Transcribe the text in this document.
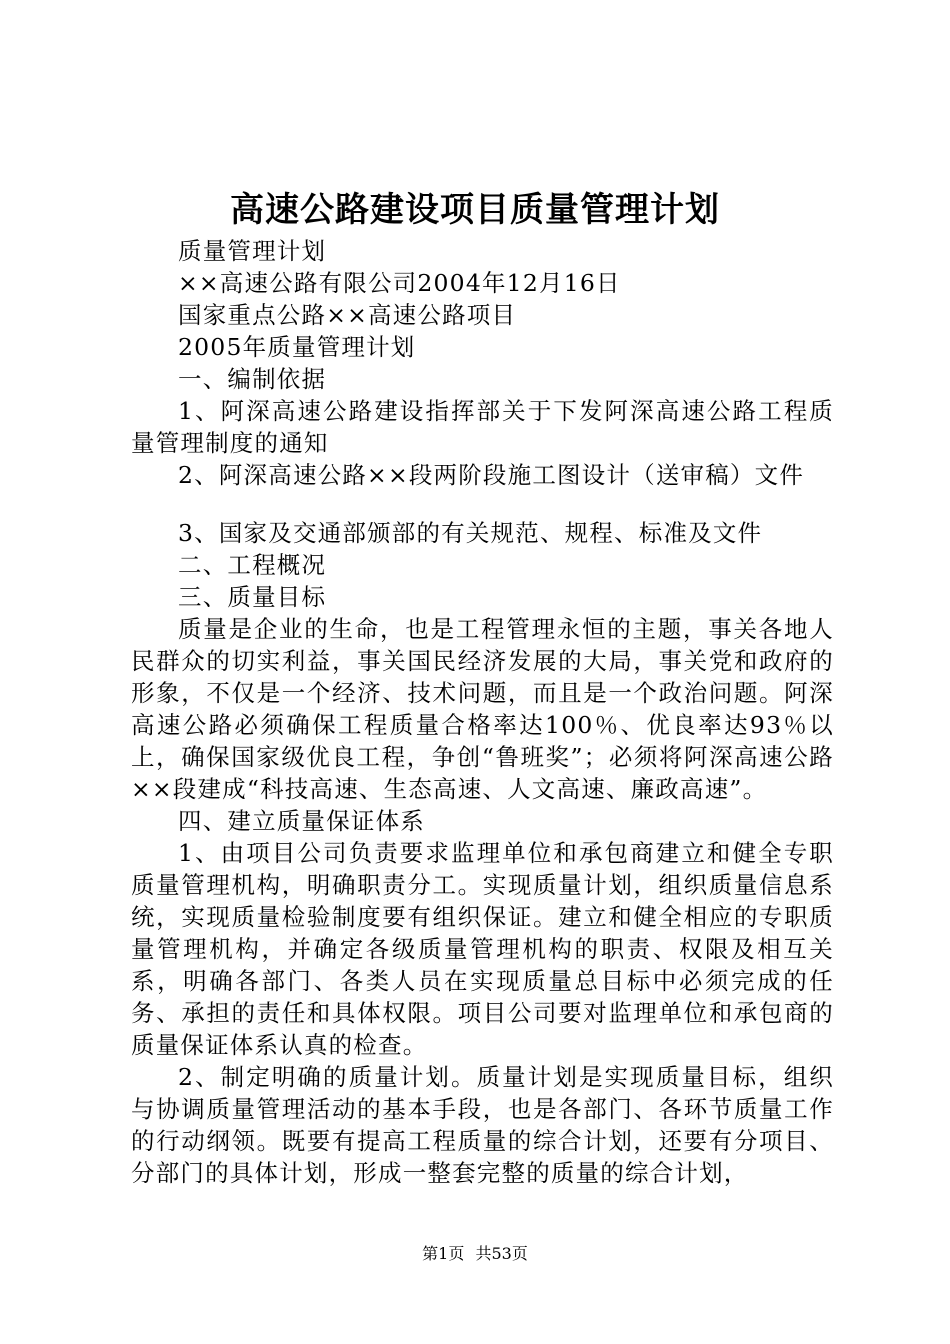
高速公路建设项目质量管理计划

质量管理计划

××高速公路有限公司2004年12月16日

国家重点公路××高速公路项目

2005年质量管理计划

一、编制依据

1、阿深高速公路建设指挥部关于下发阿深高速公路工程质量管理制度的通知

2、阿深高速公路××段两阶段施工图设计（送审稿）文件

3、国家及交通部颁部的有关规范、规程、标准及文件

二、工程概况

三、质量目标

质量是企业的生命，也是工程管理永恒的主题，事关各地人民群众的切实利益，事关国民经济发展的大局，事关党和政府的形象，不仅是一个经济、技术问题，而且是一个政治问题。阿深高速公路必须确保工程质量合格率达100％、优良率达93％以上，确保国家级优良工程，争创“鲁班奖”；必须将阿深高速公路××段建成“科技高速、生态高速、人文高速、廉政高速”。

四、建立质量保证体系

1、由项目公司负责要求监理单位和承包商建立和健全专职质量管理机构，明确职责分工。实现质量计划，组织质量信息系统，实现质量检验制度要有组织保证。建立和健全相应的专职质量管理机构，并确定各级质量管理机构的职责、权限及相互关系，明确各部门、各类人员在实现质量总目标中必须完成的任务、承担的责任和具体权限。项目公司要对监理单位和承包商的质量保证体系认真的检查。

2、制定明确的质量计划。质量计划是实现质量目标，组织与协调质量管理活动的基本手段，也是各部门、各环节质量工作的行动纲领。既要有提高工程质量的综合计划，还要有分项目、分部门的具体计划，形成一整套完整的质量的综合计划，

第1页 共53页
